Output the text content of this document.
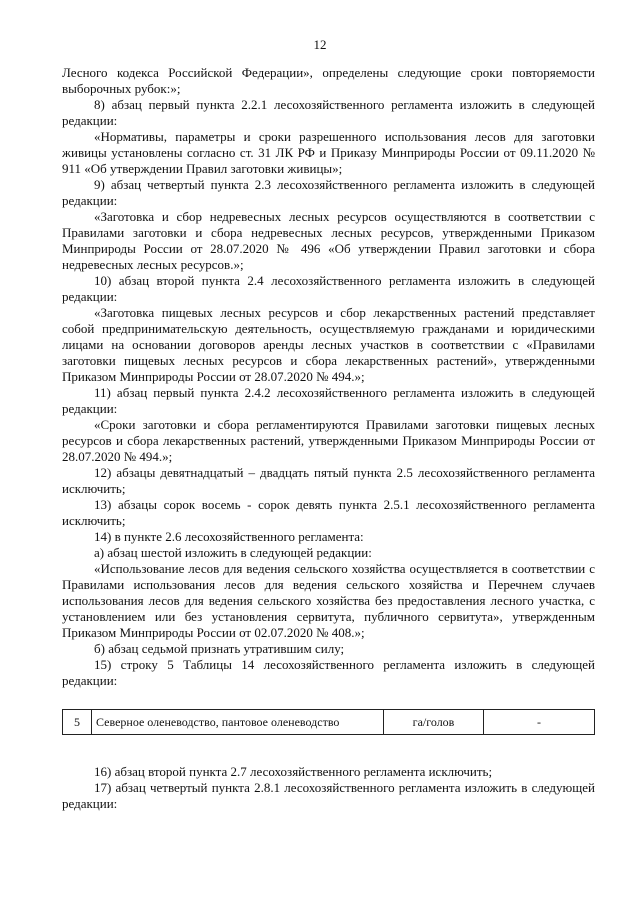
12

Лесного кодекса Российской Федерации», определены следующие сроки повторяемости выборочных рубок:»;

8) абзац первый пункта 2.2.1 лесохозяйственного регламента изложить в следующей редакции:

«Нормативы, параметры и сроки разрешенного использования лесов для заготовки живицы установлены согласно ст. 31 ЛК РФ и Приказу Минприроды России от 09.11.2020 № 911 «Об утверждении Правил заготовки живицы»;

9) абзац четвертый пункта 2.3 лесохозяйственного регламента изложить в следующей редакции:

«Заготовка и сбор недревесных лесных ресурсов осуществляются в соответствии с Правилами заготовки и сбора недревесных лесных ресурсов, утвержденными Приказом Минприроды России от 28.07.2020 № 496 «Об утверждении Правил заготовки и сбора недревесных лесных ресурсов.»;

10) абзац второй пункта 2.4 лесохозяйственного регламента изложить в следующей редакции:

«Заготовка пищевых лесных ресурсов и сбор лекарственных растений представляет собой предпринимательскую деятельность, осуществляемую гражданами и юридическими лицами на основании договоров аренды лесных участков в соответствии с «Правилами заготовки пищевых лесных ресурсов и сбора лекарственных растений», утвержденными Приказом Минприроды России от 28.07.2020 № 494.»;

11) абзац первый пункта 2.4.2 лесохозяйственного регламента изложить в следующей редакции:

«Сроки заготовки и сбора регламентируются Правилами заготовки пищевых лесных ресурсов и сбора лекарственных растений, утвержденными Приказом Минприроды России от 28.07.2020 № 494.»;

12) абзацы девятнадцатый – двадцать пятый пункта 2.5 лесохозяйственного регламента исключить;

13) абзацы сорок восемь - сорок девять пункта 2.5.1 лесохозяйственного регламента исключить;

14) в пункте 2.6 лесохозяйственного регламента:

а) абзац шестой изложить в следующей редакции:

«Использование лесов для ведения сельского хозяйства осуществляется в соответствии с Правилами использования лесов для ведения сельского хозяйства и Перечнем случаев использования лесов для ведения сельского хозяйства без предоставления лесного участка, с установлением или без установления сервитута, публичного сервитута», утвержденным Приказом Минприроды России от 02.07.2020 № 408.»;

б) абзац седьмой признать утратившим силу;

15) строку 5 Таблицы 14 лесохозяйственного регламента изложить в следующей редакции:

5	Северное оленеводство, пантовое оленеводство	га/голов	-

16) абзац второй пункта 2.7 лесохозяйственного регламента исключить;

17) абзац четвертый пункта 2.8.1 лесохозяйственного регламента изложить в следующей редакции:
